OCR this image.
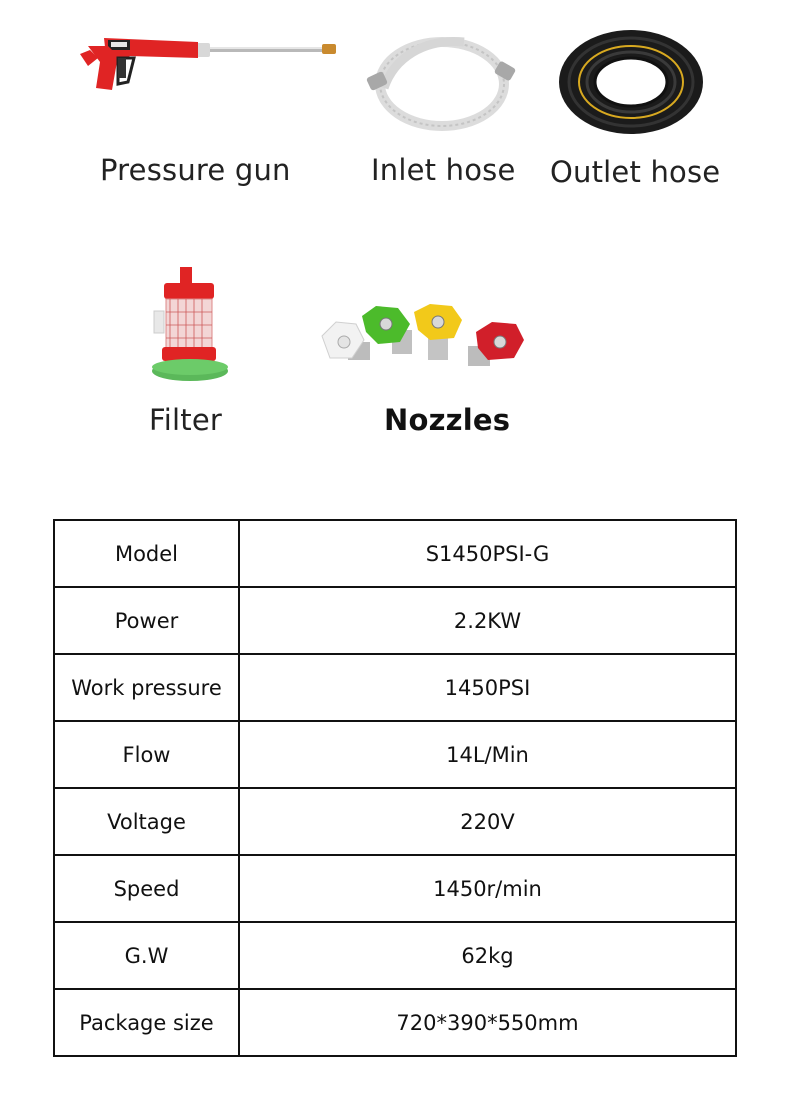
Pressure gun	Inlet hose Outlet hose
Filter	Nozzles
Model	S1450PSI-G
Power	2.2KW
Work pressure	1450PSI
Flow	14L/Min
Voltage	220V
Speed	1450r/min
G.W	62kg
Package size	720*390*550mm
